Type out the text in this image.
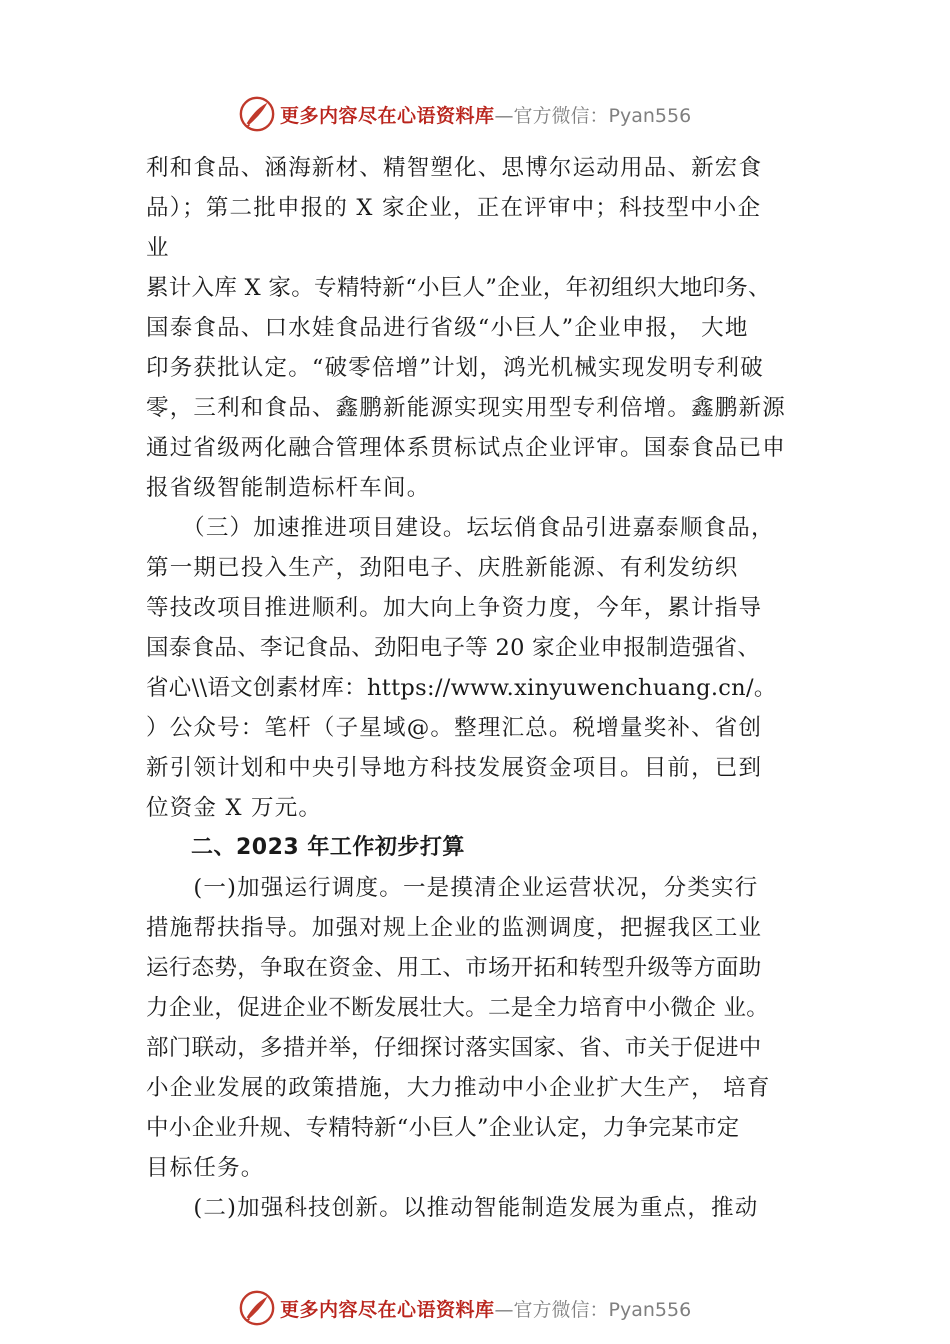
更多内容尽在心语资料库 —官方微信：Pyan556
利和食品、涵海新材、精智塑化、思博尔运动用品、新宏食
品）；第二批申报的 X 家企业，正在评审中；科技型中小企
业
累计入库 X 家。专精特新“小巨人”企业，年初组织大地印务、
国泰食品、口水娃食品进行省级“小巨人”企业申报， 大地
印务获批认定。“破零倍增”计划，鸿光机械实现发明专利破
零，三利和食品、鑫鹏新能源实现实用型专利倍增。鑫鹏新源
通过省级两化融合管理体系贯标试点企业评审。国泰食品已申
报省级智能制造标杆车间。
　　（三）加速推进项目建设。坛坛俏食品引进嘉泰顺食品，
第一期已投入生产，劲阳电子、庆胜新能源、有利发纺织
等技改项目推进顺利。加大向上争资力度，今年，累计指导
国泰食品、李记食品、劲阳电子等 20 家企业申报制造强省、
省心\\语文创素材库：https://www.xinyuwenchuang.cn/。
）公众号：笔杆（子星域@。整理汇总。税增量奖补、省创
新引领计划和中央引导地方科技发展资金项目。目前，已到
位资金 X 万元。
　　二、2023 年工作初步打算
　　(一)加强运行调度。一是摸清企业运营状况，分类实行
措施帮扶指导。加强对规上企业的监测调度，把握我区工业
运行态势，争取在资金、用工、市场开拓和转型升级等方面助
力企业，促进企业不断发展壮大。二是全力培育中小微企 业。
部门联动，多措并举，仔细探讨落实国家、省、市关于促进中
小企业发展的政策措施，大力推动中小企业扩大生产， 培育
中小企业升规、专精特新“小巨人”企业认定，力争完某市定
目标任务。
　　(二)加强科技创新。以推动智能制造发展为重点，推动
更多内容尽在心语资料库 —官方微信：Pyan556
